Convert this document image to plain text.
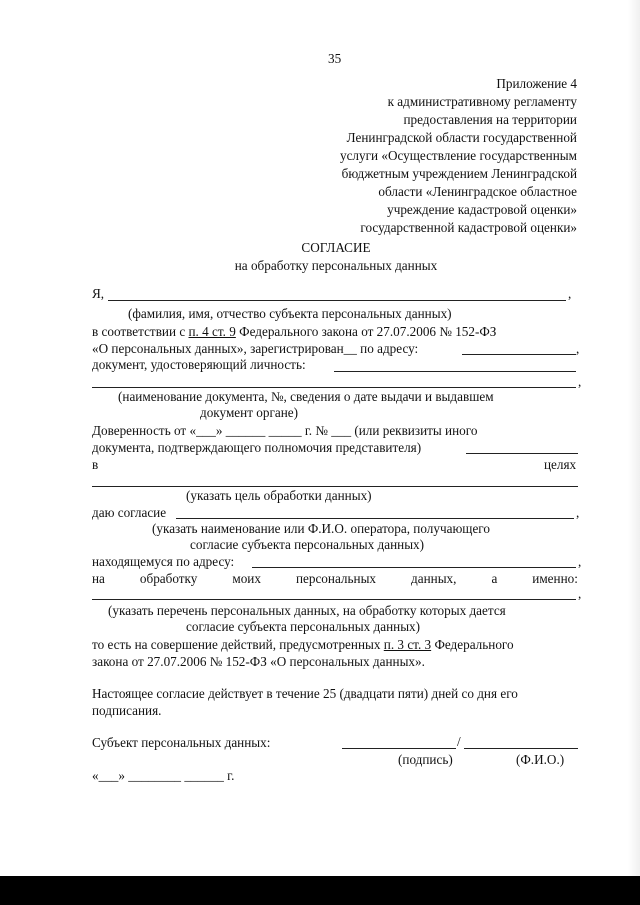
35
Приложение 4
к административному регламенту
предоставления на территории
Ленинградской области государственной
услуги «Осуществление государственным
бюджетным учреждением Ленинградской
области «Ленинградское областное
учреждение кадастровой оценки»
государственной кадастровой оценки»
СОГЛАСИЕ
на обработку персональных данных
Я,	,
(фамилия, имя, отчество субъекта персональных данных)
в соответствии с п. 4 ст. 9 Федерального закона от 27.07.2006 № 152-ФЗ
«О персональных данных», зарегистрирован__ по адресу:	,
документ, удостоверяющий личность:
,
(наименование документа, №, сведения о дате выдачи и выдавшем
документ органе)
Доверенность от «___» ______ _____ г. № ___ (или реквизиты иного
документа, подтверждающего полномочия представителя)
в	целях
(указать цель обработки данных)
даю согласие	,
(указать наименование или Ф.И.О. оператора, получающего
согласие субъекта персональных данных)
находящемуся по адресу:	,
на	обработку	моих	персональных	данных,	а	именно:
,
(указать перечень персональных данных, на обработку которых дается
согласие субъекта персональных данных)
то есть на совершение действий, предусмотренных п. 3 ст. 3 Федерального
закона от 27.07.2006 № 152-ФЗ «О персональных данных».
Настоящее согласие действует в течение 25 (двадцати пяти) дней со дня его
подписания.
Субъект персональных данных:	/
(подпись)	(Ф.И.О.)
«___» ________ ______ г.
